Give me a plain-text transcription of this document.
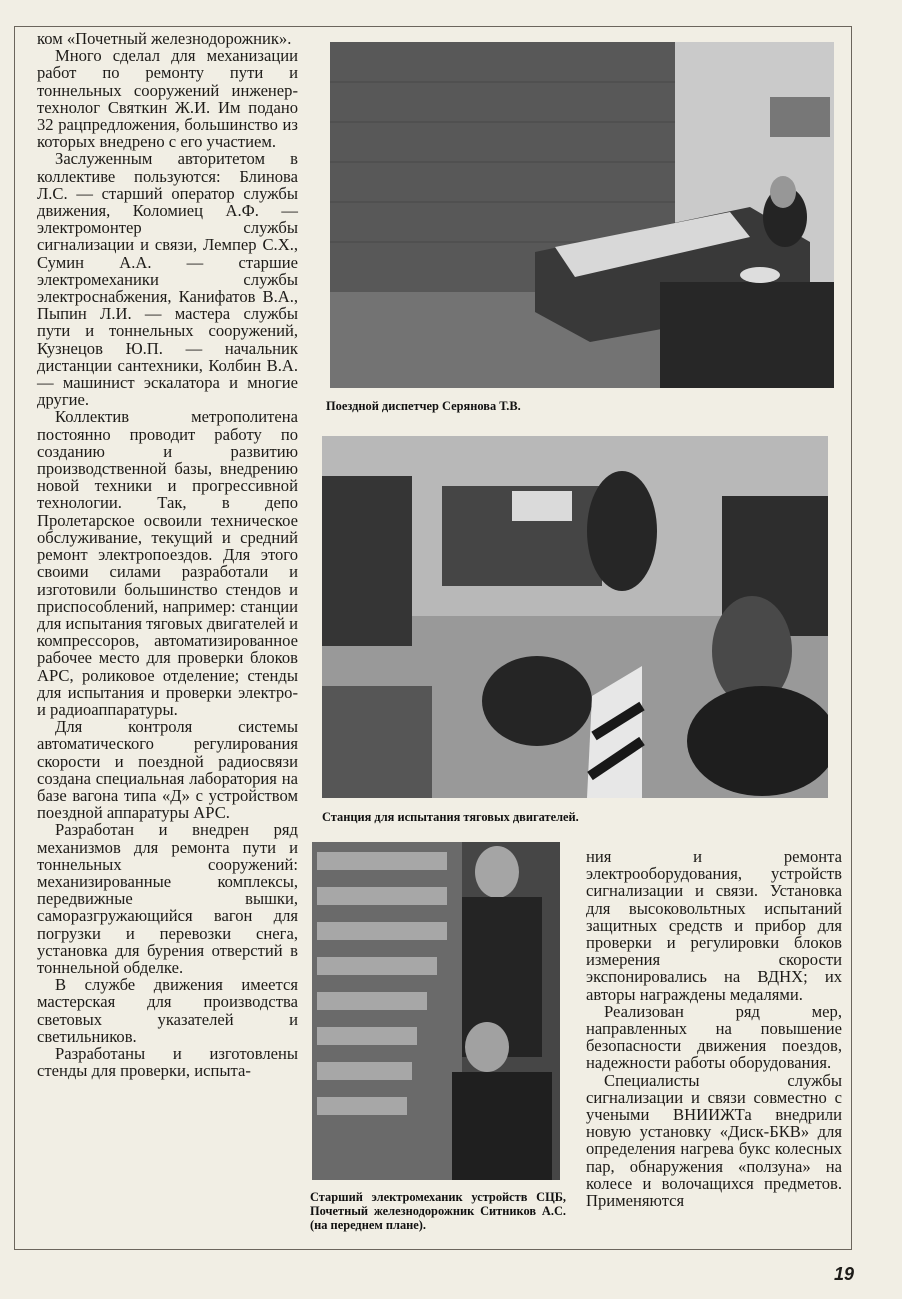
ком «Почетный железнодорожник».

Много сделал для механизации работ по ремонту пути и тоннельных сооружений инженер-технолог Святкин Ж.И. Им подано 32 рацпредложения, большинство из которых внедрено с его участием.

Заслуженным авторитетом в коллективе пользуются: Блинова Л.С. — старший оператор службы движения, Коломиец А.Ф. — электромонтер службы сигнализации и связи, Лемпер С.Х., Сумин А.А. — старшие электромеханики службы электроснабжения, Канифатов В.А., Пыпин Л.И. — мастера службы пути и тоннельных сооружений, Кузнецов Ю.П. — начальник дистанции сантехники, Колбин В.А. — машинист эскалатора и многие другие.

Коллектив метрополитена постоянно проводит работу по созданию и развитию производственной базы, внедрению новой техники и прогрессивной технологии. Так, в депо Пролетарское освоили техническое обслуживание, текущий и средний ремонт электропоездов. Для этого своими силами разработали и изготовили большинство стендов и приспособлений, например: станции для испытания тяговых двигателей и компрессоров, автоматизированное рабочее место для проверки блоков АРС, роликовое отделение; стенды для испытания и проверки электро- и радиоаппаратуры.

Для контроля системы автоматического регулирования скорости и поездной радиосвязи создана специальная лаборатория на базе вагона типа «Д» с устройством поездной аппаратуры АРС.

Разработан и внедрен ряд механизмов для ремонта пути и тоннельных сооружений: механизированные комплексы, передвижные вышки, саморазгружающийся вагон для погрузки и перевозки снега, установка для бурения отверстий в тоннельной обделке.

В службе движения имеется мастерская для производства световых указателей и светильников.

Разработаны и изготовлены стенды для проверки, испыта-

Поездной диспетчер Серянова Т.В.
Станция для испытания тяговых двигателей.
Старший электромеханик устройств СЦБ, Почетный железнодорожник Ситников А.С. (на переднем плане).

ния и ремонта электрооборудования, устройств сигнализации и связи. Установка для высоковольтных испытаний защитных средств и прибор для проверки и регулировки блоков измерения скорости экспонировались на ВДНХ; их авторы награждены медалями.

Реализован ряд мер, направленных на повышение безопасности движения поездов, надежности работы оборудования.

Специалисты службы сигнализации и связи совместно с учеными ВНИИЖТа внедрили новую установку «Диск-БКВ» для определения нагрева букс колесных пар, обнаружения «ползуна» на колесе и волочащихся предметов. Применяются

19
